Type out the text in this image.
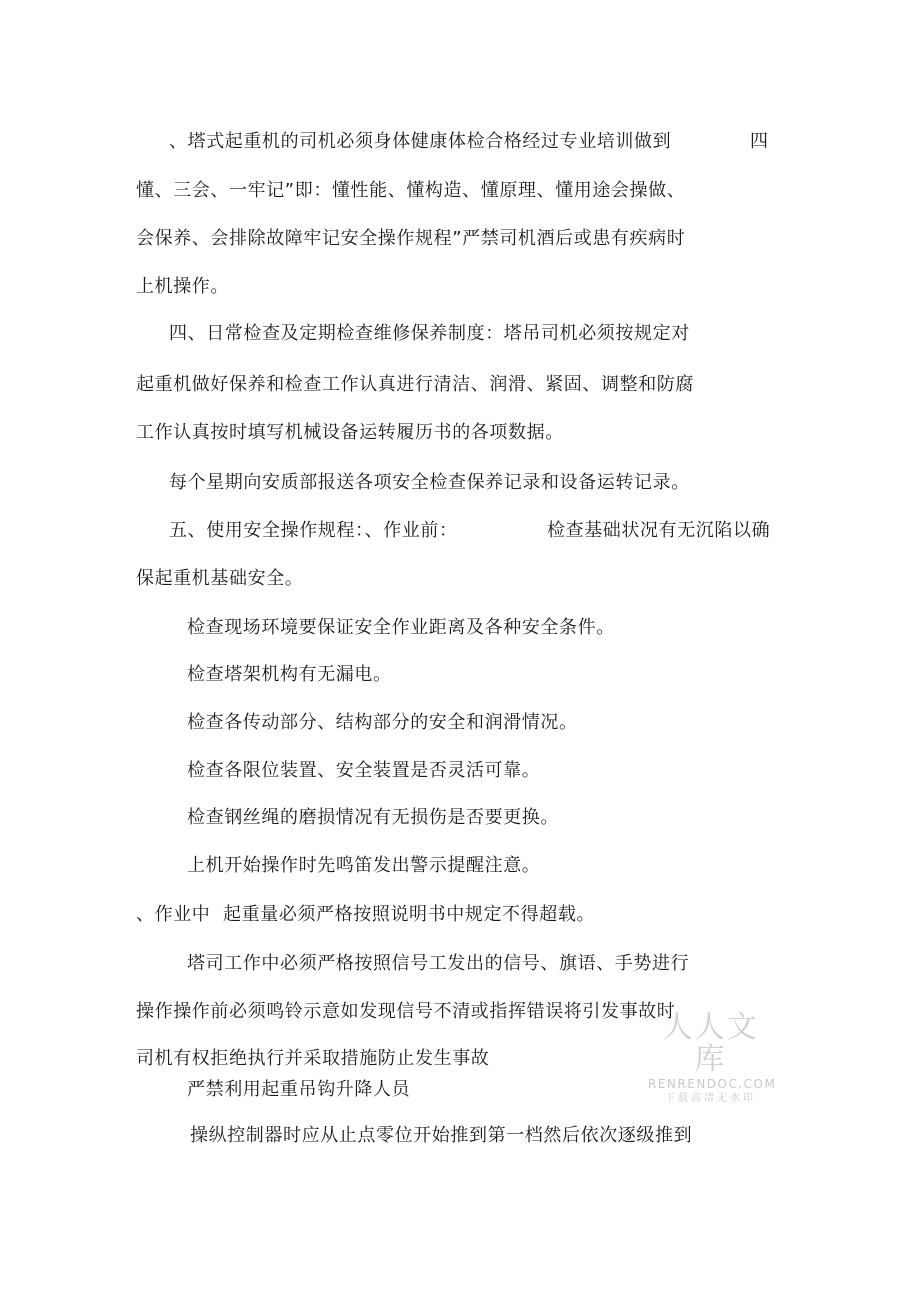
、塔式起重机的司机必须身体健康体检合格经过专业培训做到	四
懂、三会、一牢记”即：懂性能、懂构造、懂原理、懂用途会操做、
会保养、会排除故障牢记安全操作规程”严禁司机酒后或患有疾病时
上机操作。
四、日常检查及定期检查维修保养制度：塔吊司机必须按规定对
起重机做好保养和检查工作认真进行清洁、润滑、紧固、调整和防腐
工作认真按时填写机械设备运转履历书的各项数据。
每个星期向安质部报送各项安全检查保养记录和设备运转记录。
五、使用安全操作规程：、作业前：	检查基础状况有无沉陷以确
保起重机基础安全。
检查现场环境要保证安全作业距离及各种安全条件。
检查塔架机构有无漏电。
检查各传动部分、结构部分的安全和润滑情况。
检查各限位装置、安全装置是否灵活可靠。
检查钢丝绳的磨损情况有无损伤是否要更换。
上机开始操作时先鸣笛发出警示提醒注意。
、作业中  起重量必须严格按照说明书中规定不得超载。
塔司工作中必须严格按照信号工发出的信号、旗语、手势进行
操作操作前必须鸣铃示意如发现信号不清或指挥错误将引发事故时
司机有权拒绝执行并采取措施防止发生事故
严禁利用起重吊钩升降人员
操纵控制器时应从止点零位开始推到第一档然后依次逐级推到
人人文库
RENRENDOC.COM
下载高清无水印
